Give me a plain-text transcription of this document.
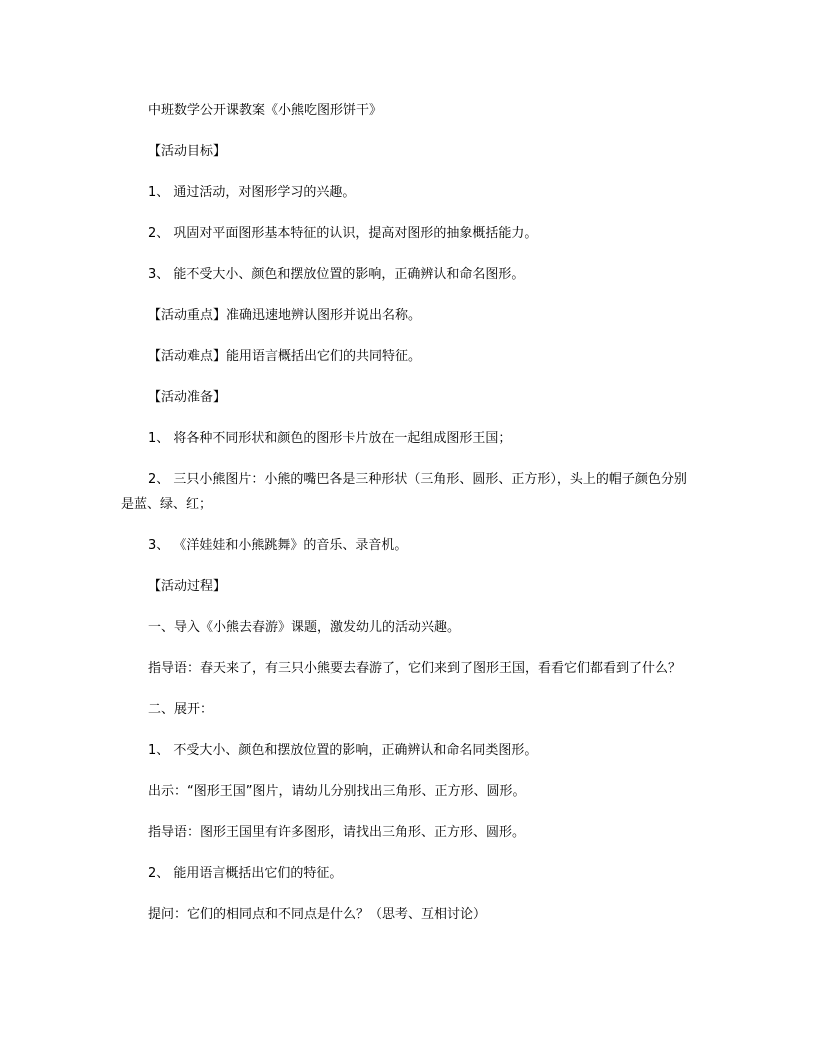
中班数学公开课教案《小熊吃图形饼干》

【活动目标】

1、 通过活动，对图形学习的兴趣。

2、 巩固对平面图形基本特征的认识，提高对图形的抽象概括能力。

3、 能不受大小、颜色和摆放位置的影响，正确辨认和命名图形。

【活动重点】准确迅速地辨认图形并说出名称。

【活动难点】能用语言概括出它们的共同特征。

【活动准备】

1、 将各种不同形状和颜色的图形卡片放在一起组成图形王国；

2、 三只小熊图片：小熊的嘴巴各是三种形状（三角形、圆形、正方形），头上的帽子颜色分别是蓝、绿、红；

3、 《洋娃娃和小熊跳舞》的音乐、录音机。

【活动过程】

一、导入《小熊去春游》课题，激发幼儿的活动兴趣。

指导语：春天来了，有三只小熊要去春游了，它们来到了图形王国，看看它们都看到了什么？

二、展开：

1、 不受大小、颜色和摆放位置的影响，正确辨认和命名同类图形。

出示：“图形王国”图片，请幼儿分别找出三角形、正方形、圆形。

指导语：图形王国里有许多图形，请找出三角形、正方形、圆形。

2、 能用语言概括出它们的特征。

提问：它们的相同点和不同点是什么？（思考、互相讨论）
